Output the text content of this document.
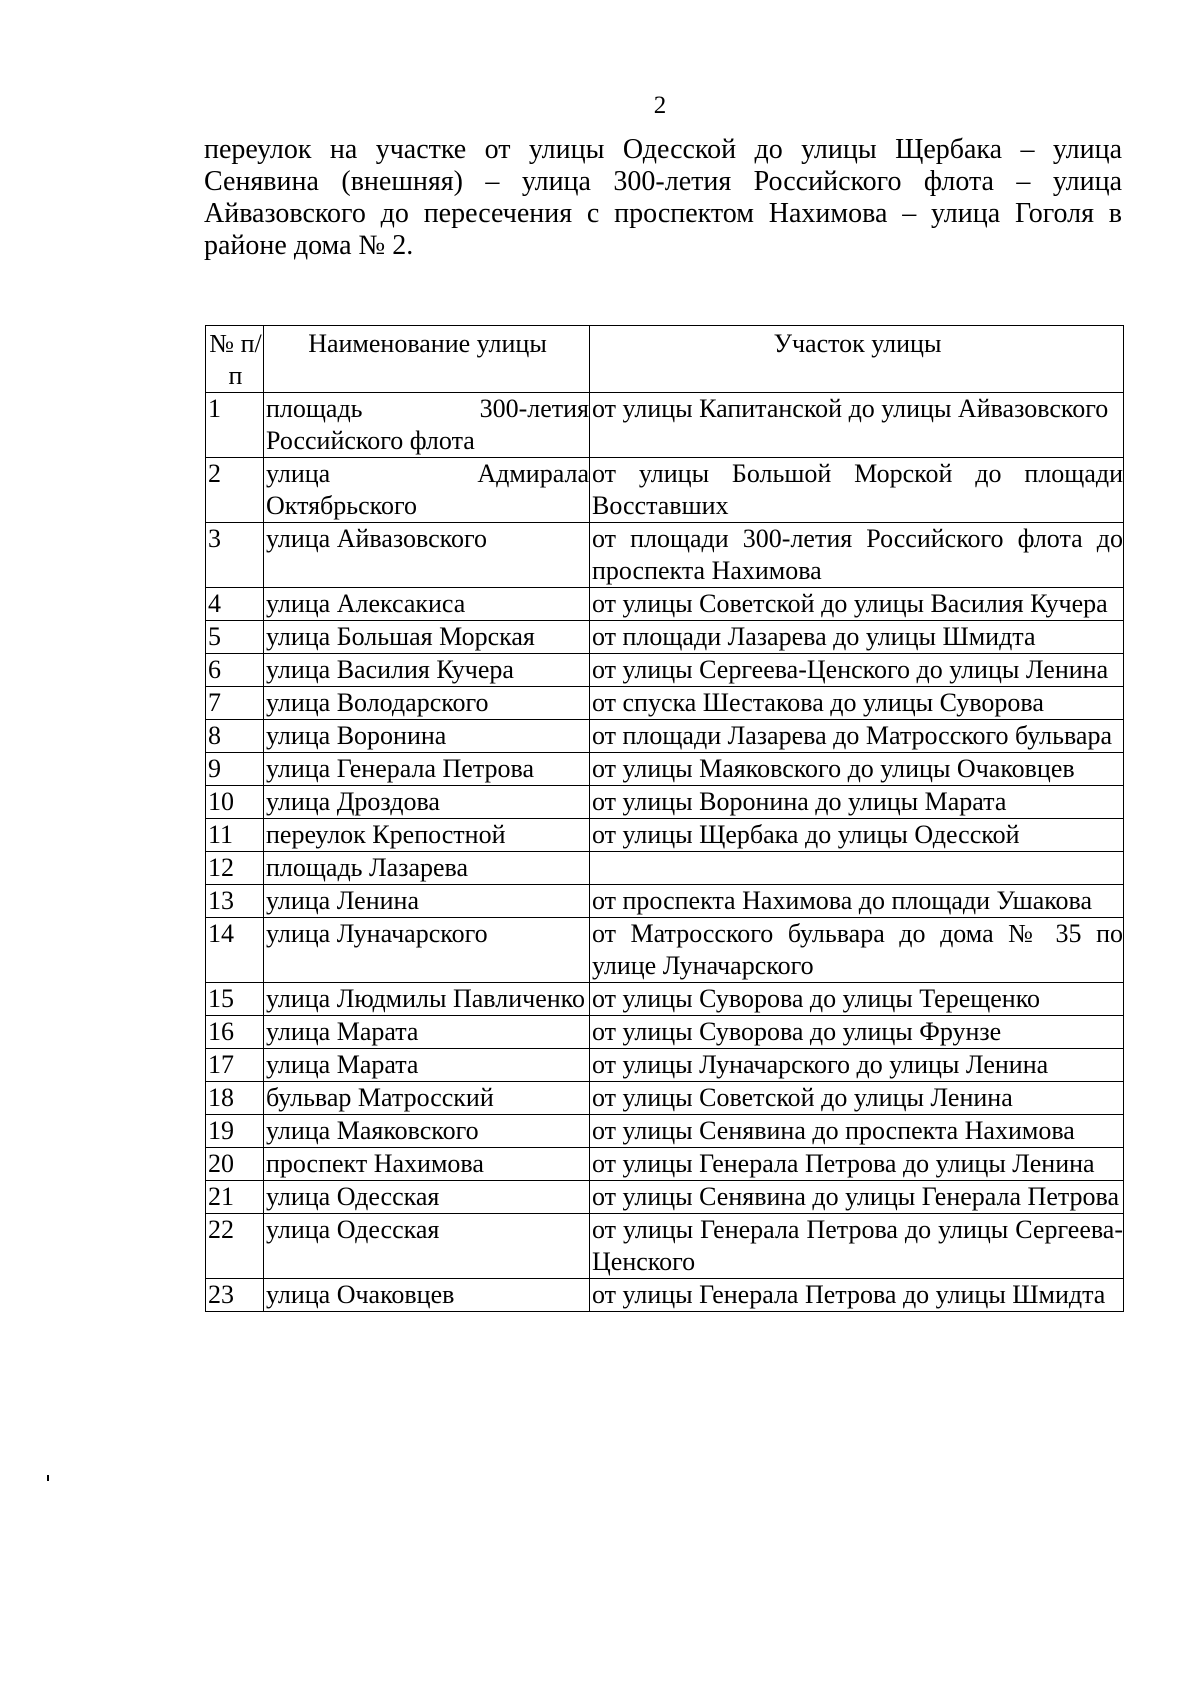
2

переулок на участке от улицы Одесской до улицы Щербака – улица Сенявина (внешняя) – улица 300-летия Российского флота – улица Айвазовского до пересечения с проспектом Нахимова – улица Гоголя в районе дома № 2.

№ п/п	Наименование улицы	Участок улицы
1	площадь 300-летия Российского флота	от улицы Капитанской до улицы Айвазовского
2	улица Адмирала Октябрьского	от улицы Большой Морской до площади Восставших
3	улица Айвазовского	от площади 300-летия Российского флота до проспекта Нахимова
4	улица Алексакиса	от улицы Советской до улицы Василия Кучера
5	улица Большая Морская	от площади Лазарева до улицы Шмидта
6	улица Василия Кучера	от улицы Сергеева-Ценского до улицы Ленина
7	улица Володарского	от спуска Шестакова до улицы Суворова
8	улица Воронина	от площади Лазарева до Матросского бульвара
9	улица Генерала Петрова	от улицы Маяковского до улицы Очаковцев
10	улица Дроздова	от улицы Воронина до улицы Марата
11	переулок Крепостной	от улицы Щербака до улицы Одесской
12	площадь Лазарева	
13	улица Ленина	от проспекта Нахимова до площади Ушакова
14	улица Луначарского	от Матросского бульвара до дома № 35 по улице Луначарского
15	улица Людмилы Павличенко	от улицы Суворова до улицы Терещенко
16	улица Марата	от улицы Суворова до улицы Фрунзе
17	улица Марата	от улицы Луначарского до улицы Ленина
18	бульвар Матросский	от улицы Советской до улицы Ленина
19	улица Маяковского	от улицы Сенявина до проспекта Нахимова
20	проспект Нахимова	от улицы Генерала Петрова до улицы Ленина
21	улица Одесская	от улицы Сенявина до улицы Генерала Петрова
22	улица Одесская	от улицы Генерала Петрова до улицы Сергеева-Ценского
23	улица Очаковцев	от улицы Генерала Петрова до улицы Шмидта
